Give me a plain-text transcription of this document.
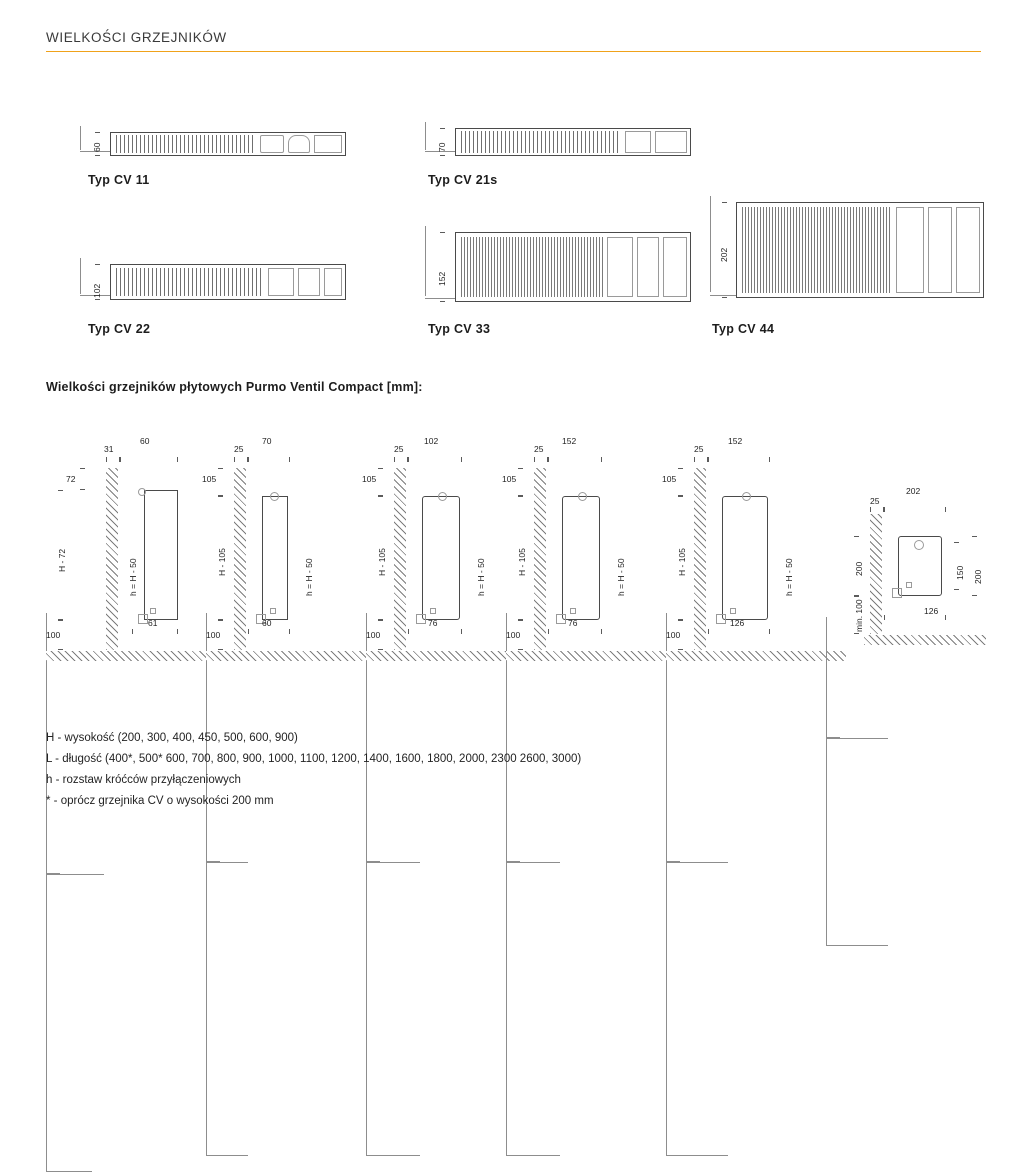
WIELKOŚCI GRZEJNIKÓW
60
Typ CV 11
70
Typ CV 21s
102
Typ CV 22
152
Typ CV 33
202
Typ CV 44
Wielkości grzejników płytowych Purmo Ventil Compact [mm]:
31
60
72
H - 72
100
h = H - 50
61
25
70
105
H - 105
100
h = H - 50
60
25
102
105
H - 105
100
h = H - 50
76
25
152
105
H - 105
100
h = H - 50
76
25
152
105
H - 105
100
h = H - 50
126
25
202
200
min. 100
150 200
126
H - wysokość (200, 300, 400, 450, 500, 600, 900)
L - długość (400*, 500* 600, 700, 800, 900, 1000, 1100, 1200, 1400, 1600, 1800, 2000, 2300 2600, 3000)
h - rozstaw króćców przyłączeniowych
* - oprócz grzejnika CV o wysokości 200 mm
